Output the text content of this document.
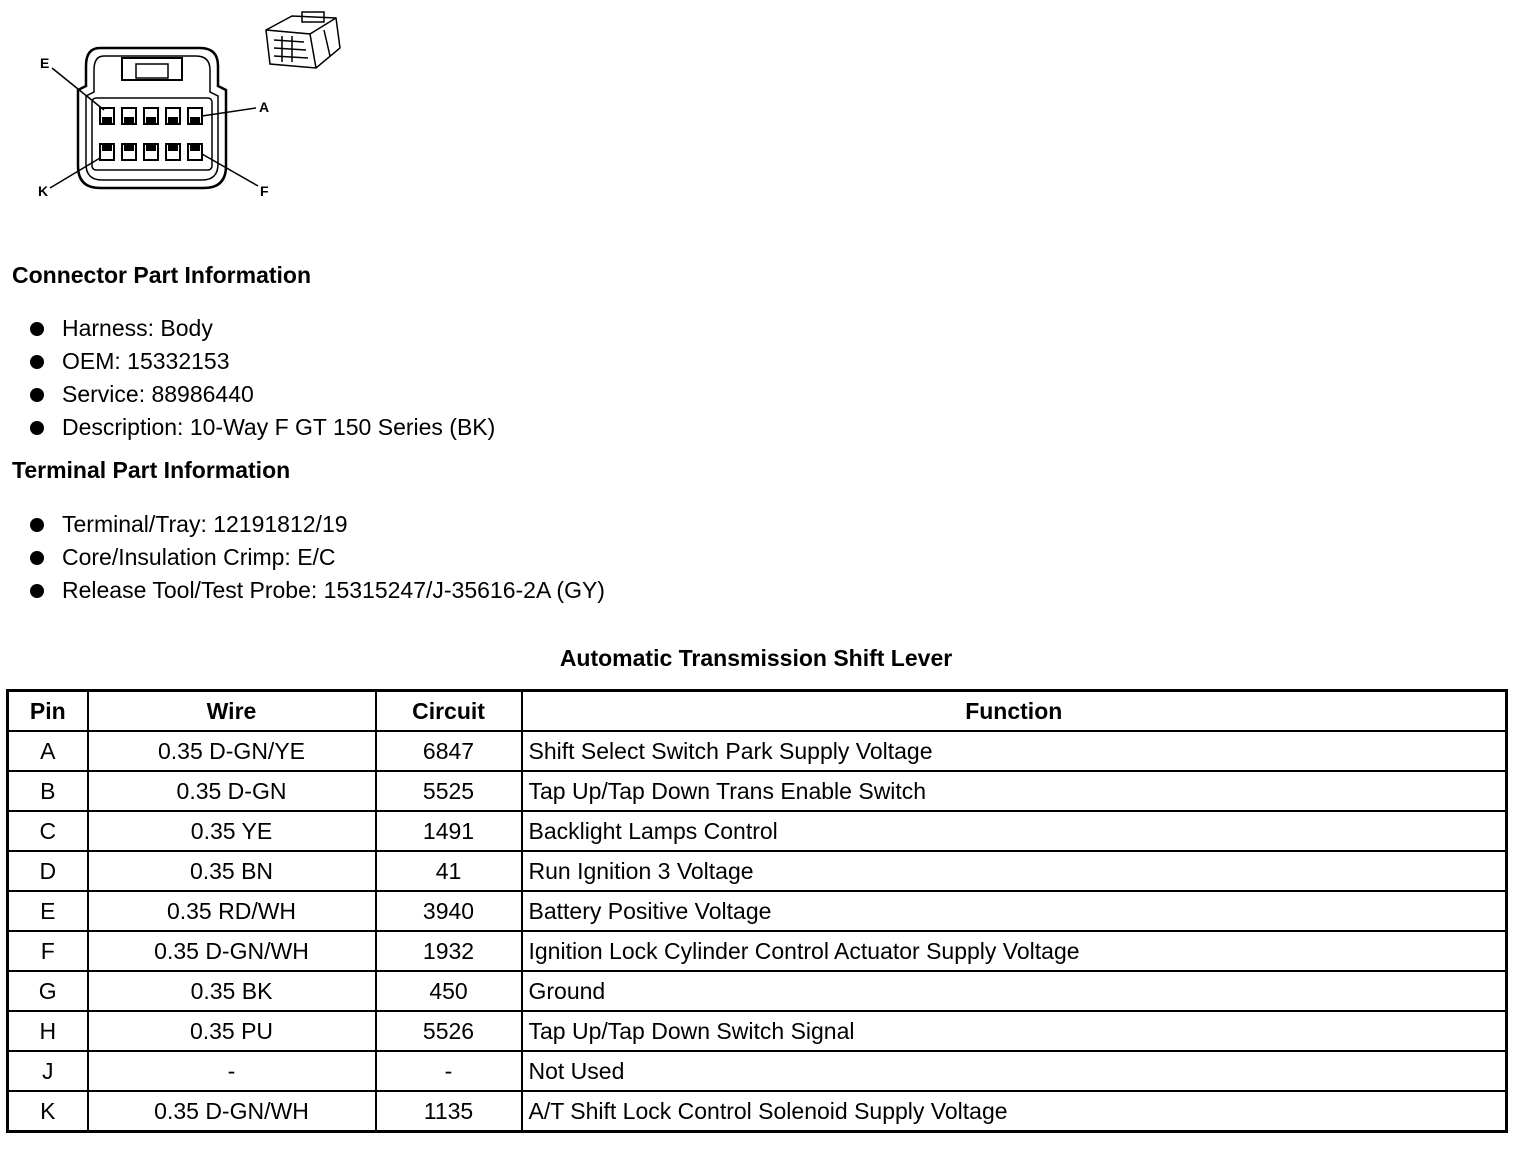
E
A
K	F
Connector Part Information
Harness: Body
OEM: 15332153
Service: 88986440
Description: 10-Way F GT 150 Series (BK)
Terminal Part Information
Terminal/Tray: 12191812/19
Core/Insulation Crimp: E/C
Release Tool/Test Probe: 15315247/J-35616-2A (GY)
Automatic Transmission Shift Lever
Pin	Wire	Circuit	Function
A	0.35 D-GN/YE	6847	Shift Select Switch Park Supply Voltage
B	0.35 D-GN	5525	Tap Up/Tap Down Trans Enable Switch
C	0.35 YE	1491	Backlight Lamps Control
D	0.35 BN	41	Run Ignition 3 Voltage
E	0.35 RD/WH	3940	Battery Positive Voltage
F	0.35 D-GN/WH	1932	Ignition Lock Cylinder Control Actuator Supply Voltage
G	0.35 BK	450	Ground
H	0.35 PU	5526	Tap Up/Tap Down Switch Signal
J	-	-	Not Used
K	0.35 D-GN/WH	1135	A/T Shift Lock Control Solenoid Supply Voltage
